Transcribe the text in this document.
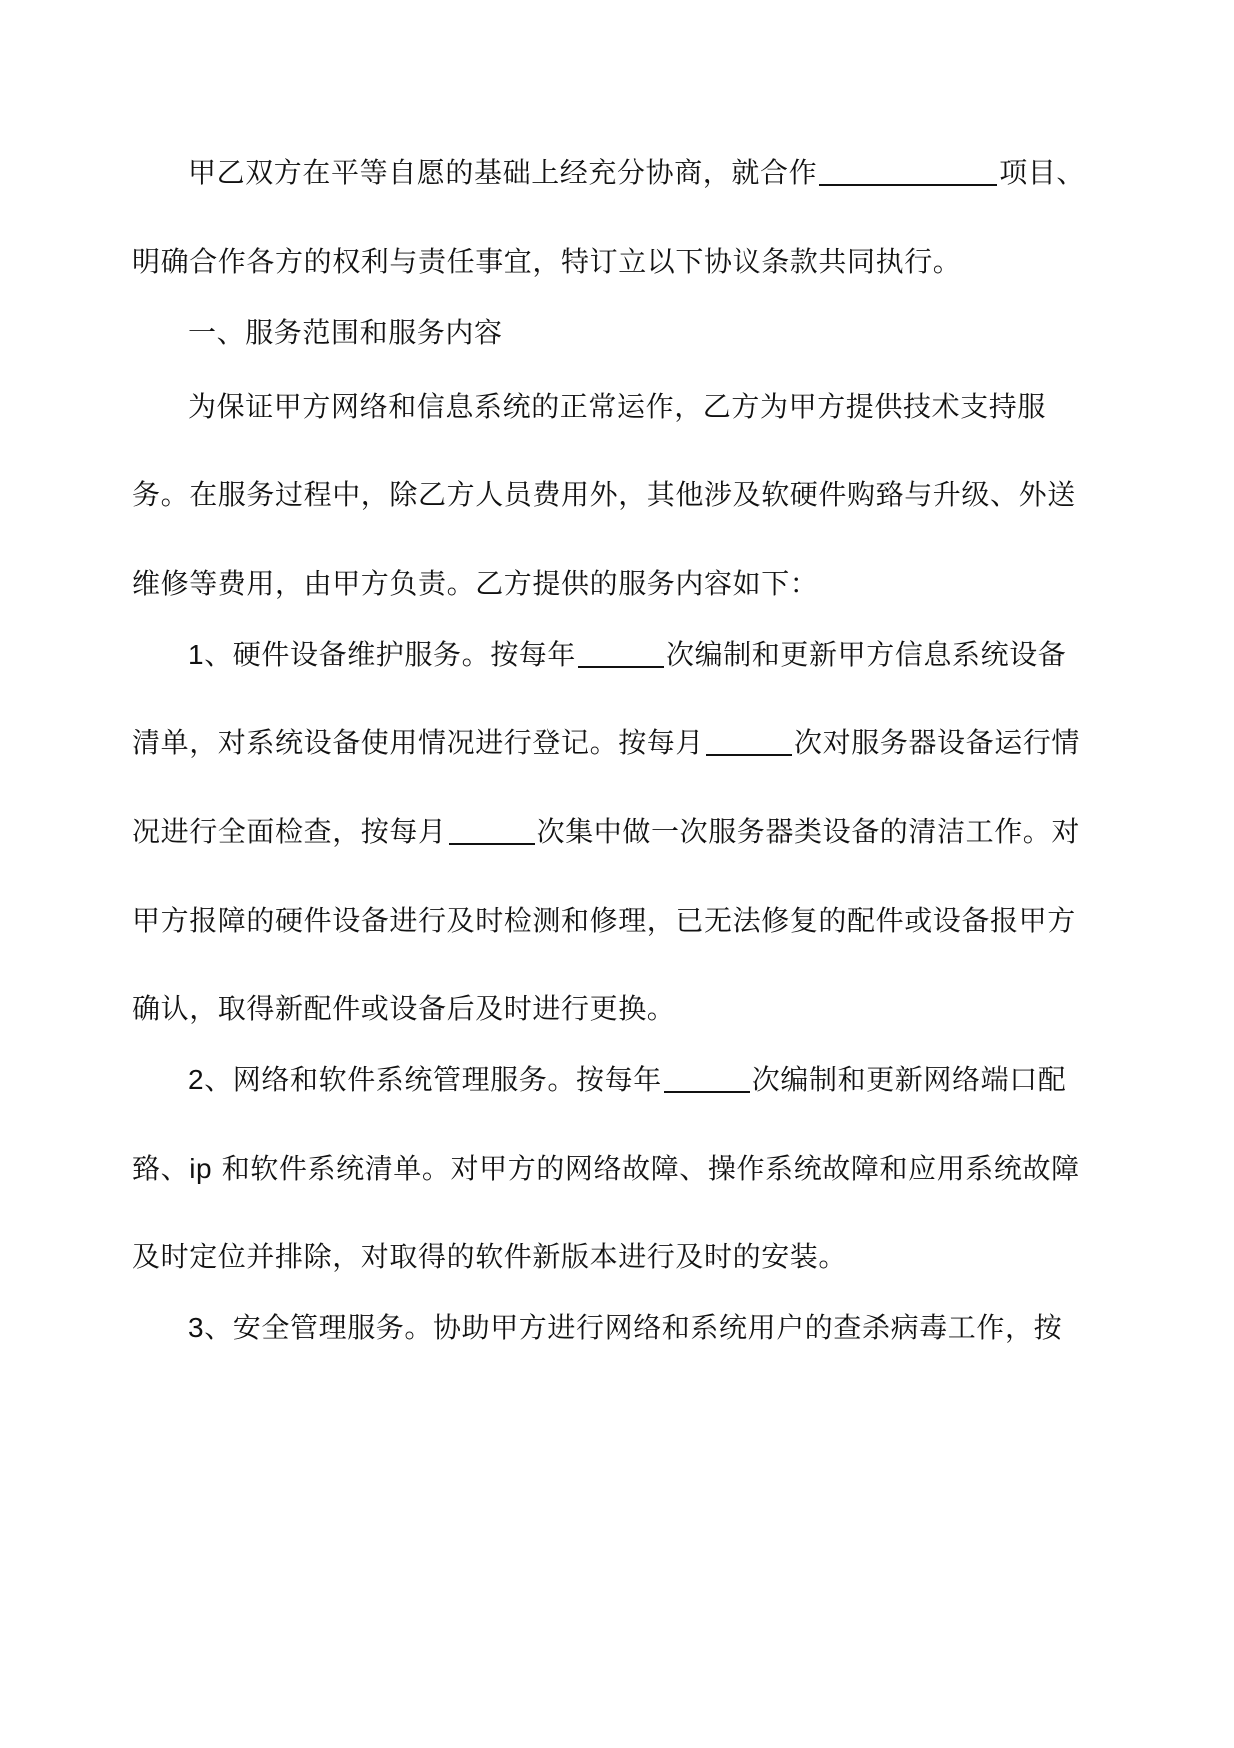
甲乙双方在平等自愿的基础上经充分协商，就合作	项目、
明确合作各方的权利与责任事宜，特订立以下协议条款共同执行。
一、服务范围和服务内容
为保证甲方网络和信息系统的正常运作，乙方为甲方提供技术支持服
务。在服务过程中，除乙方人员费用外，其他涉及软硬件购臵与升级、外送
维修等费用，由甲方负责。乙方提供的服务内容如下：
1、硬件设备维护服务。按每年	次编制和更新甲方信息系统设备
清单，对系统设备使用情况进行登记。按每月	次对服务器设备运行情
况进行全面检查，按每月	次集中做一次服务器类设备的清洁工作。对
甲方报障的硬件设备进行及时检测和修理，已无法修复的配件或设备报甲方
确认，取得新配件或设备后及时进行更换。
2、网络和软件系统管理服务。按每年	次编制和更新网络端口配
臵、ip 和软件系统清单。对甲方的网络故障、操作系统故障和应用系统故障
及时定位并排除，对取得的软件新版本进行及时的安装。
3、安全管理服务。协助甲方进行网络和系统用户的查杀病毒工作，按
